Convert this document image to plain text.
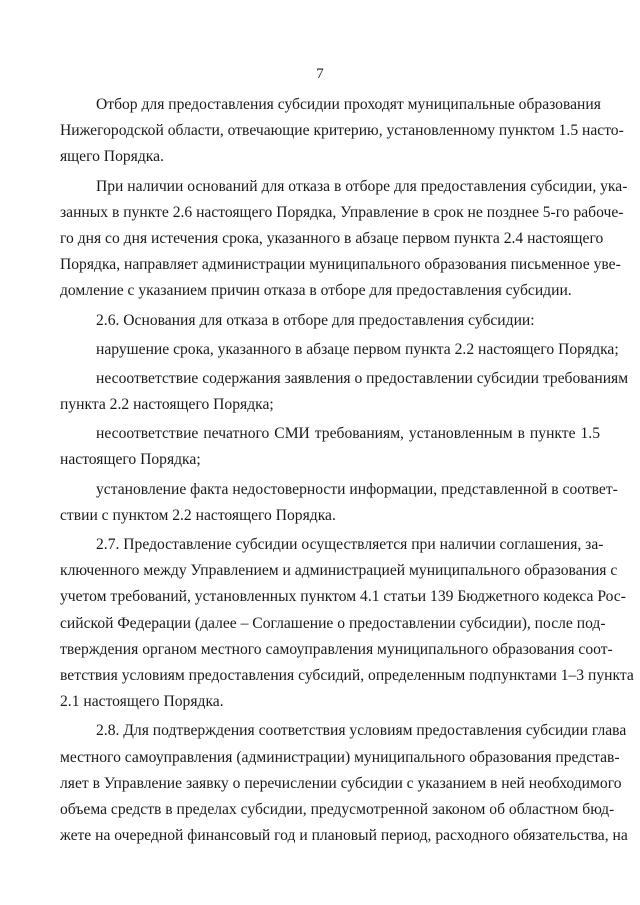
7
Отбор для предоставления субсидии проходят муниципальные образования
Нижегородской области, отвечающие критерию, установленному пунктом 1.5 насто-
ящего Порядка.
При наличии оснований для отказа в отборе для предоставления субсидии, ука-
занных в пункте 2.6 настоящего Порядка, Управление в срок не позднее 5-го рабоче-
го дня со дня истечения срока, указанного в абзаце первом пункта 2.4 настоящего
Порядка, направляет администрации муниципального образования письменное уве-
домление с указанием причин отказа в отборе для предоставления субсидии.
2.6. Основания для отказа в отборе для предоставления субсидии:
нарушение срока, указанного в абзаце первом пункта 2.2 настоящего Порядка;
несоответствие содержания заявления о предоставлении субсидии требованиям
пункта 2.2 настоящего Порядка;
несоответствие печатного СМИ требованиям, установленным в пункте 1.5
настоящего Порядка;
установление факта недостоверности информации, представленной в соответ-
ствии с пунктом 2.2 настоящего Порядка.
2.7. Предоставление субсидии осуществляется при наличии соглашения, за-
ключенного между Управлением и администрацией муниципального образования с
учетом требований, установленных пунктом 4.1 статьи 139 Бюджетного кодекса Рос-
сийской Федерации (далее – Соглашение о предоставлении субсидии), после под-
тверждения органом местного самоуправления муниципального образования соот-
ветствия условиям предоставления субсидий, определенным подпунктами 1–3 пункта
2.1 настоящего Порядка.
2.8. Для подтверждения соответствия условиям предоставления субсидии глава
местного самоуправления (администрации) муниципального образования представ-
ляет в Управление заявку о перечислении субсидии с указанием в ней необходимого
объема средств в пределах субсидии, предусмотренной законом об областном бюд-
жете на очередной финансовый год и плановый период, расходного обязательства, на
